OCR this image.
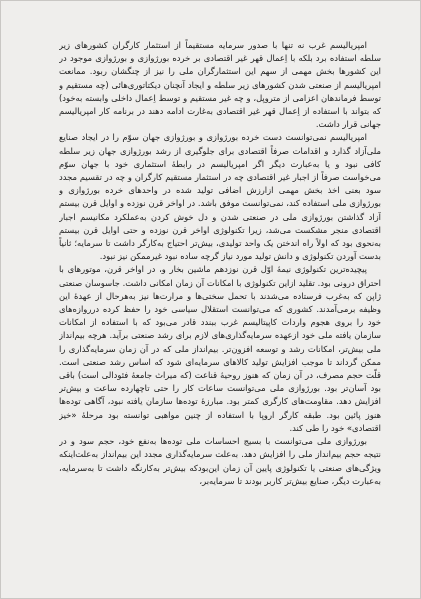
امپریالیسم غرب نه تنها با صدور سرمایه مستقیماً از استثمار کارگران کشورهای زیر سلطه استفاده برد بلکه با اِعمال قهر غیر اقتصادی بر خرده بورژوازی و بورژوازی موجود در این کشورها بخش مهمی از سهم این استثمارگران ملی را نیز از چنگشان ربود. ممانعت امپریالیسم از صنعتی شدن کشورهای زیر سلطه و ایجاد آنچنان دیکتاتوری‌هائی (چه مستقیم و توسط فرماندهان اعزامی از متروپل، و چه غیر مستقیم و توسط اِعمال داخلی وابسته به‌خود) که بتواند با استفاده از اِعمال قهر غیر اقتصادی به‌غارت ادامه دهند در برنامه کار امپریالیسم جهانی قرار داشت.

امپریالیسم نمی‌توانست دست خرده بورژوازی و بورژوازی جهان سوّم را در ایجاد صنایع ملی‌آزاد گذارد و اقدامات صرفاً اقتصادی برای جلوگیری از رشد بورژوازی جهان زیر سلطه کافی نبود و یا به‌عبارت دیگر اگر امپریالیسم در رابطهٔ استثماری خود با جهان سوّم می‌خواست صرفاً از اجبار غیر اقتصادی چه در استثمار مستقیم کارگران و چه در تقسیم مجدد سود بعنی اخذ بخش مهمی ازارزش اضافی تولید شده در واحدهای خرده بورژوازی و بورژوازی ملی استفاده کند، نمی‌توانست موفق باشد. در اواخر قرن نوزده و اوایل قرن بیستم آزاد گذاشتن بورژوازی ملی در صنعتی شدن و دل خوش کردن به‌عملکرد مکانیسم اجبار اقتصادی منجر مشکست می‌شد، زیرا تکنولوژی اواخر قرن نوزده و حتی اوایل قرن بیستم به‌نحوی بود که اولاً راه اندختن یک واحد تولیدی، بیش‌تر احتیاج به‌کارگر داشت تا سرمایه؛ ثانیاً بدست آوردن تکنولوژی و دانش تولید مورد نیاز گرچه ساده نبود غیرممکن نیز نبود.

پیچیده‌ترین تکنولوژی نیمهٔ اوّل قرن نوزدهم ماشین بخار و، در اواخر قرن، موتورهای با احتراق درونی بود. تقلید ازاین تکنولوژی با امکانات آن زمان امکانی داشت. جاسوسان صنعتی ژاپن که به‌غرب فرستاده می‌شدند با تحمل سختی‌ها و مرارت‌ها نیز به‌هرحال از عهدهٔ این وظیفه برمی‌آمدند. کشوری که می‌توانست استقلال سیاسی خود را حفظ کرده درروازه‌های خود را بروی هجوم واردات کاپیتالیسم غرب ببندد قادر می‌بود که با استفاده از امکانات سازمان یافته ملی خود ازعهده سرمایه‌گذاری‌های لازم برای رشد صنعتی برآید. هرچه بیم‌انداز ملی بیش‌تر، امکانات رشد و توسعه افزون‌تر. بیم‌انداز ملی که در آن زمان سرمایه‌گذاری را ممکن گرداند تا موجب افزایش تولید کالاهای سرمایه‌ای شود که اساس رشد صنعتی است. قلّت حجم مصرف، در آن زمان که هنوز روحیهٔ قناعت (که میراث جامعهٔ فئودالی است) باقی بود آسان‌تر بود. بورژوازی ملی می‌توانست ساعات کار را حتی تاچهارده ساعت و بیش‌تر افزایش دهد. مقاومت‌های کارگری کمتر بود. مبارزهٔ توده‌ها سازمان یافته نبود، آگاهی توده‌ها هنوز پائین بود. طبقه کارگر اروپا با استفاده از چنین مواهبی توانسته بود مرحلهٔ «خیز اقتصادی» خود را طی کند.

بورژوازی ملی می‌توانست با بسیج احساسات ملی توده‌ها به‌نفع خود، حجم سود و در نتیجه حجم بیم‌انداز ملی را افزایش دهد. به‌علت سرمایه‌گذاری مجدد این بیم‌انداز به‌علت‌اینکه ویژگی‌های صنعتی یا تکنولوژی پایین آن زمان این‌بودکه بیش‌تر به‌کارنگه داشت تا به‌سرمایه، به‌عبارت دیگر، صنایع بیش‌تر کاربر بودند تا سرمایه‌بر،
